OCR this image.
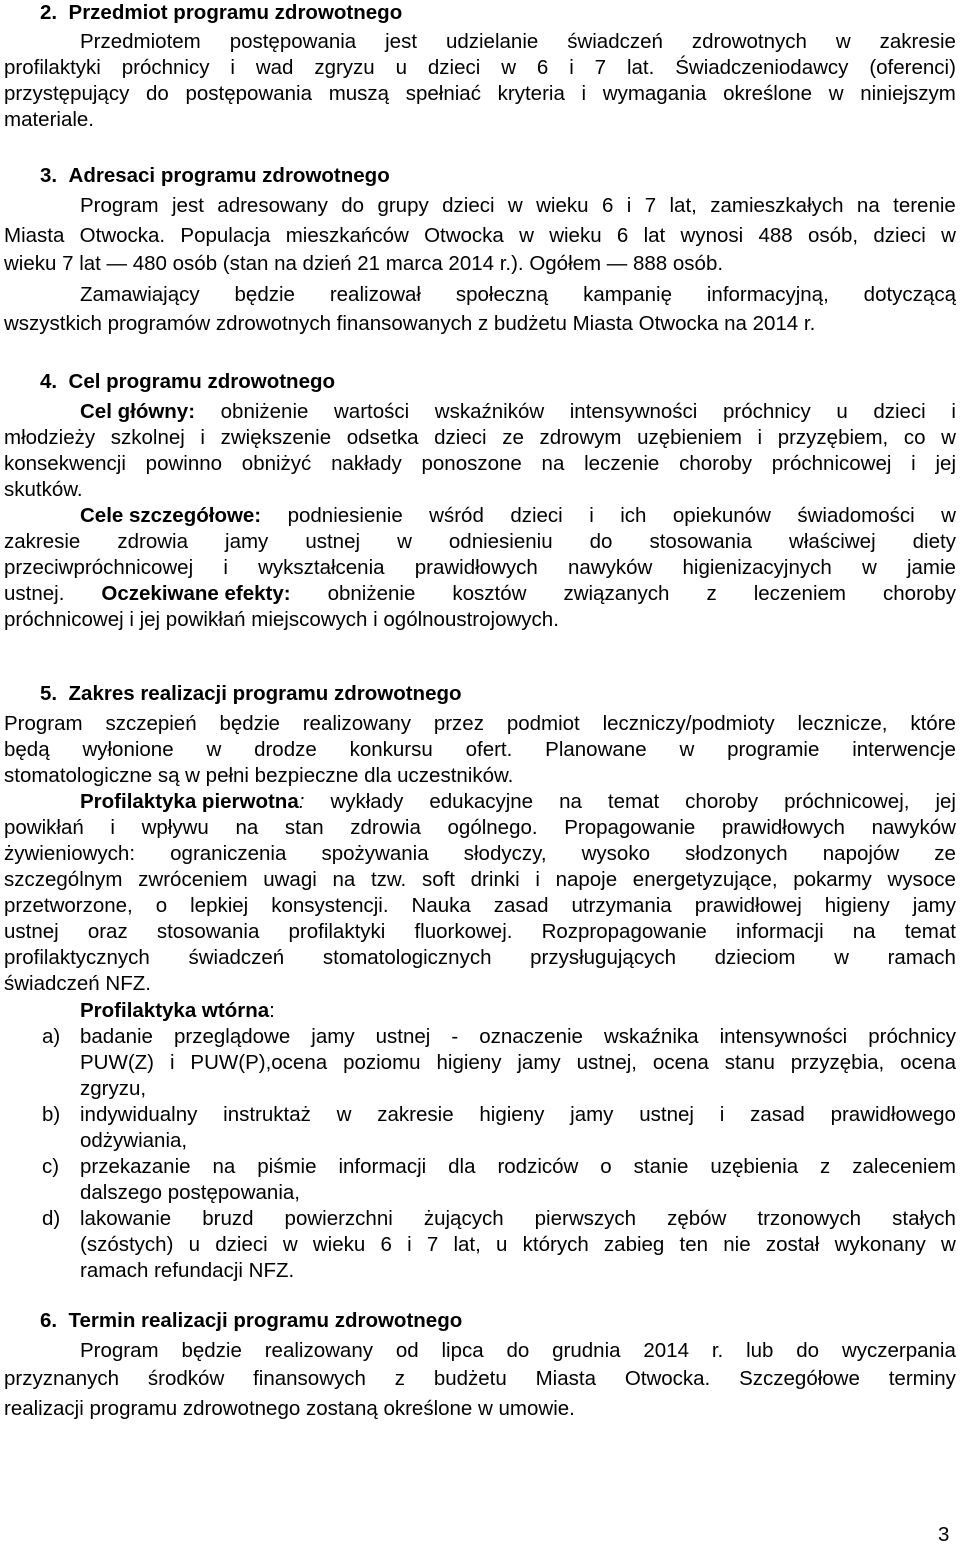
2. Przedmiot programu zdrowotnego
Przedmiotem postępowania jest udzielanie świadczeń zdrowotnych w zakresie
profilaktyki próchnicy i wad zgryzu u dzieci w 6 i 7 lat. Świadczeniodawcy (oferenci)
przystępujący do postępowania muszą spełniać kryteria i wymagania określone w niniejszym
materiale.
3. Adresaci programu zdrowotnego
Program jest adresowany do grupy dzieci w wieku 6 i 7 lat, zamieszkałych na terenie
Miasta Otwocka. Populacja mieszkańców Otwocka w wieku 6 lat wynosi 488 osób, dzieci w
wieku 7 lat — 480 osób (stan na dzień 21 marca 2014 r.). Ogółem — 888 osób.
Zamawiający będzie realizował społeczną kampanię informacyjną, dotyczącą
wszystkich programów zdrowotnych finansowanych z budżetu Miasta Otwocka na 2014 r.
4. Cel programu zdrowotnego
Cel główny: obniżenie wartości wskaźników intensywności próchnicy u dzieci i
młodzieży szkolnej i zwiększenie odsetka dzieci ze zdrowym uzębieniem i przyzębiem, co w
konsekwencji powinno obniżyć nakłady ponoszone na leczenie choroby próchnicowej i jej
skutków.
Cele szczegółowe: podniesienie wśród dzieci i ich opiekunów świadomości w
zakresie zdrowia jamy ustnej w odniesieniu do stosowania właściwej diety
przeciwpróchnicowej i wykształcenia prawidłowych nawyków higienizacyjnych w jamie
ustnej. Oczekiwane efekty: obniżenie kosztów związanych z leczeniem choroby
próchnicowej i jej powikłań miejscowych i ogólnoustrojowych.
5. Zakres realizacji programu zdrowotnego
Program szczepień będzie realizowany przez podmiot leczniczy/podmioty lecznicze, które
będą wyłonione w drodze konkursu ofert. Planowane w programie interwencje
stomatologiczne są w pełni bezpieczne dla uczestników.
Profilaktyka pierwotna: wykłady edukacyjne na temat choroby próchnicowej, jej
powikłań i wpływu na stan zdrowia ogólnego. Propagowanie prawidłowych nawyków
żywieniowych: ograniczenia spożywania słodyczy, wysoko słodzonych napojów ze
szczególnym zwróceniem uwagi na tzw. soft drinki i napoje energetyzujące, pokarmy wysoce
przetworzone, o lepkiej konsystencji. Nauka zasad utrzymania prawidłowej higieny jamy
ustnej oraz stosowania profilaktyki fluorkowej. Rozpropagowanie informacji na temat
profilaktycznych świadczeń stomatologicznych przysługujących dzieciom w ramach
świadczeń NFZ.
Profilaktyka wtórna:
a) badanie przeglądowe jamy ustnej - oznaczenie wskaźnika intensywności próchnicy
PUW(Z) i PUW(P),ocena poziomu higieny jamy ustnej, ocena stanu przyzębia, ocena
zgryzu,
b) indywidualny instruktaż w zakresie higieny jamy ustnej i zasad prawidłowego
odżywiania,
c) przekazanie na piśmie informacji dla rodziców o stanie uzębienia z zaleceniem
dalszego postępowania,
d) lakowanie bruzd powierzchni żujących pierwszych zębów trzonowych stałych
(szóstych) u dzieci w wieku 6 i 7 lat, u których zabieg ten nie został wykonany w
ramach refundacji NFZ.
6. Termin realizacji programu zdrowotnego
Program będzie realizowany od lipca do grudnia 2014 r. lub do wyczerpania
przyznanych środków finansowych z budżetu Miasta Otwocka. Szczegółowe terminy
realizacji programu zdrowotnego zostaną określone w umowie.
3
